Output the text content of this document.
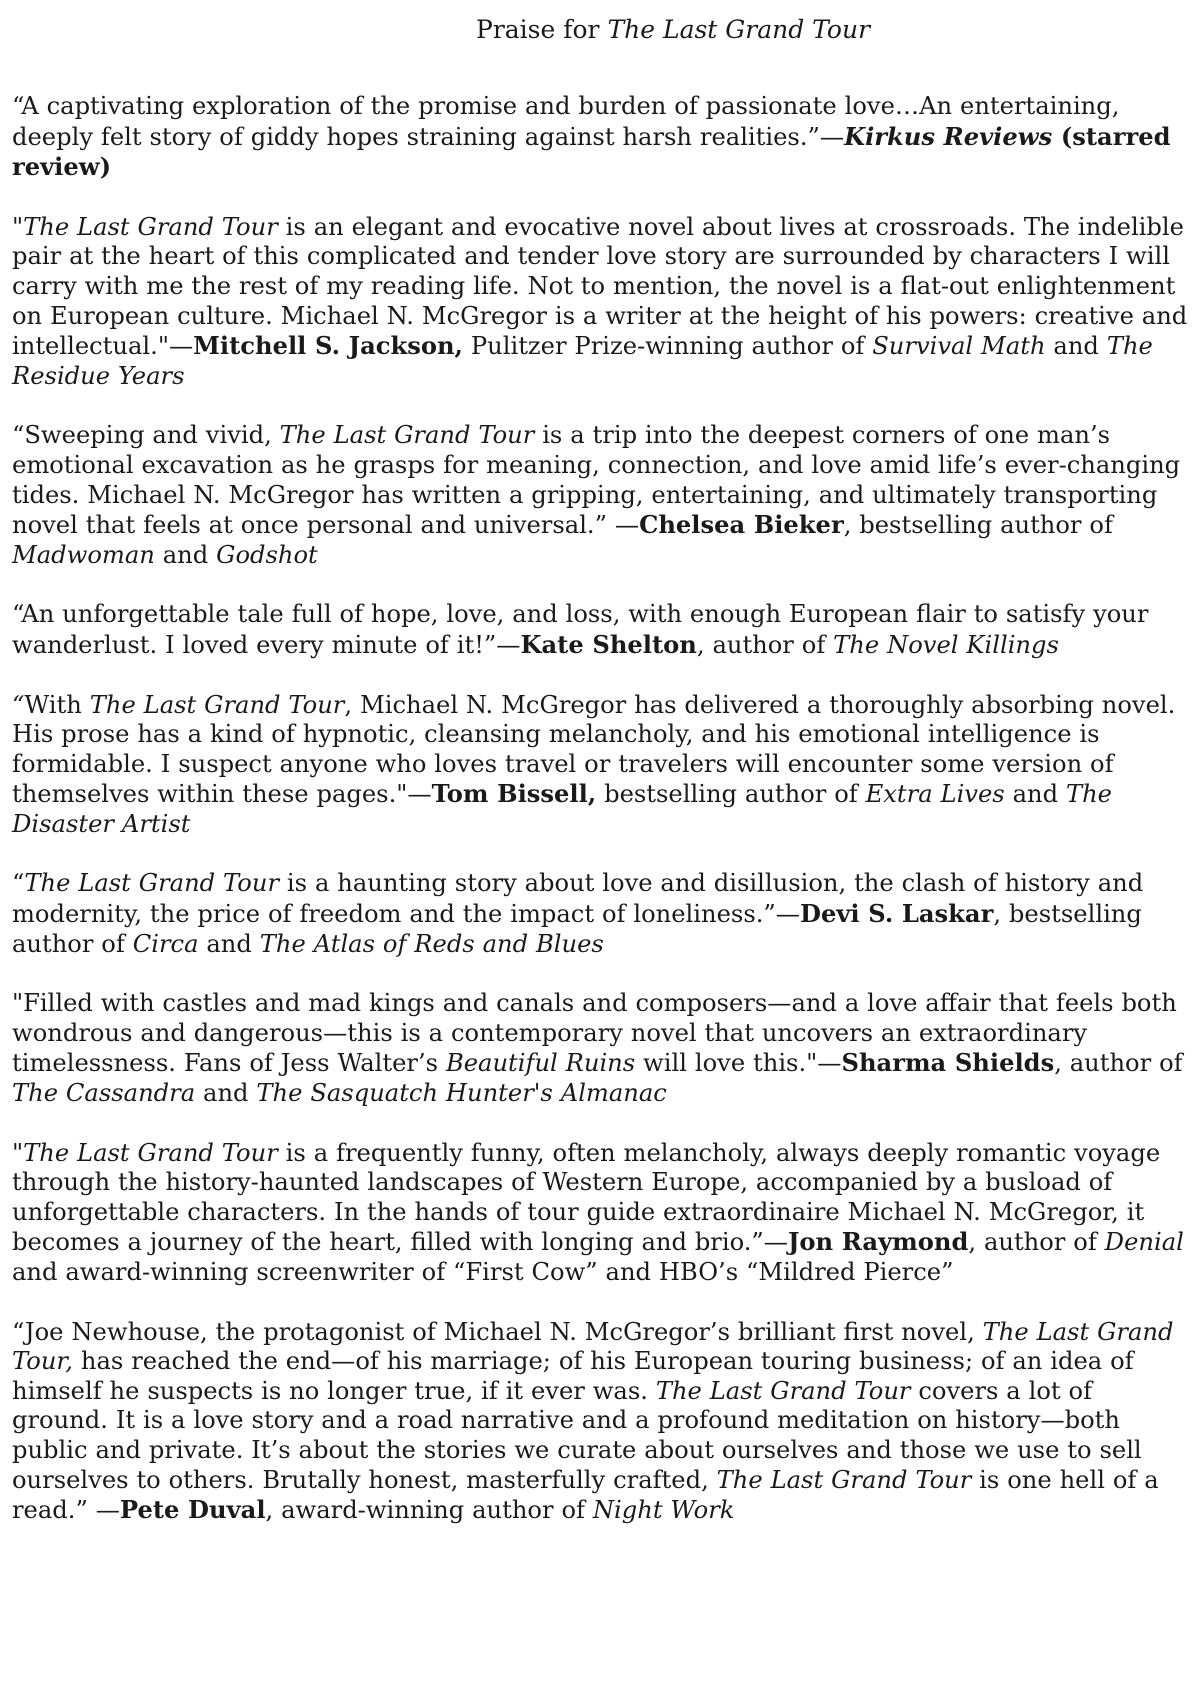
Praise for The Last Grand Tour

“A captivating exploration of the promise and burden of passionate love…An entertaining,
deeply felt story of giddy hopes straining against harsh realities.”—Kirkus Reviews (starred
review)

"The Last Grand Tour is an elegant and evocative novel about lives at crossroads. The indelible
pair at the heart of this complicated and tender love story are surrounded by characters I will
carry with me the rest of my reading life. Not to mention, the novel is a flat-out enlightenment
on European culture. Michael N. McGregor is a writer at the height of his powers: creative and
intellectual."—Mitchell S. Jackson, Pulitzer Prize-winning author of Survival Math and The
Residue Years

“Sweeping and vivid, The Last Grand Tour is a trip into the deepest corners of one man’s
emotional excavation as he grasps for meaning, connection, and love amid life’s ever-changing
tides. Michael N. McGregor has written a gripping, entertaining, and ultimately transporting
novel that feels at once personal and universal.” —Chelsea Bieker, bestselling author of
Madwoman and Godshot

“An unforgettable tale full of hope, love, and loss, with enough European flair to satisfy your
wanderlust. I loved every minute of it!”—Kate Shelton, author of The Novel Killings

“With The Last Grand Tour, Michael N. McGregor has delivered a thoroughly absorbing novel.
His prose has a kind of hypnotic, cleansing melancholy, and his emotional intelligence is
formidable. I suspect anyone who loves travel or travelers will encounter some version of
themselves within these pages."—Tom Bissell, bestselling author of Extra Lives and The
Disaster Artist

“The Last Grand Tour is a haunting story about love and disillusion, the clash of history and
modernity, the price of freedom and the impact of loneliness.”—Devi S. Laskar, bestselling
author of Circa and The Atlas of Reds and Blues

"Filled with castles and mad kings and canals and composers—and a love affair that feels both
wondrous and dangerous—this is a contemporary novel that uncovers an extraordinary
timelessness. Fans of Jess Walter’s Beautiful Ruins will love this."—Sharma Shields, author of
The Cassandra and The Sasquatch Hunter's Almanac

"The Last Grand Tour is a frequently funny, often melancholy, always deeply romantic voyage
through the history-haunted landscapes of Western Europe, accompanied by a busload of
unforgettable characters. In the hands of tour guide extraordinaire Michael N. McGregor, it
becomes a journey of the heart, filled with longing and brio.”—Jon Raymond, author of Denial
and award-winning screenwriter of “First Cow” and HBO’s “Mildred Pierce”

“Joe Newhouse, the protagonist of Michael N. McGregor’s brilliant first novel, The Last Grand
Tour, has reached the end—of his marriage; of his European touring business; of an idea of
himself he suspects is no longer true, if it ever was. The Last Grand Tour covers a lot of
ground. It is a love story and a road narrative and a profound meditation on history—both
public and private. It’s about the stories we curate about ourselves and those we use to sell
ourselves to others. Brutally honest, masterfully crafted, The Last Grand Tour is one hell of a
read.” —Pete Duval, award-winning author of Night Work
